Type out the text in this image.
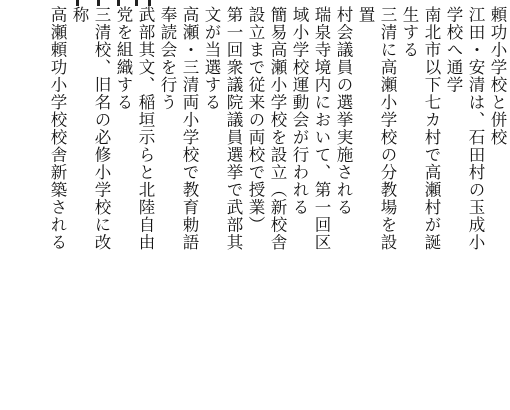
頼功小学校と併校
江田・安清は、石田村の玉成小
学校へ通学
南北市以下七カ村で高瀬村が誕
生する
三清に高瀬小学校の分教場を設
置
村会議員の選挙実施される
瑞泉寺境内において、第一回区
域小学校運動会が行われる
簡易高瀬小学校を設立（新校舎
設立まで従来の両校で授業）
第一回衆議院議員選挙で武部其
文が当選する
高瀬・三清両小学校で教育勅語
奉読会を行う
武部其文、稲垣示らと北陸自由
党を組織する
三清校、旧名の必修小学校に改
称
高瀬頼功小学校校舎新築される
